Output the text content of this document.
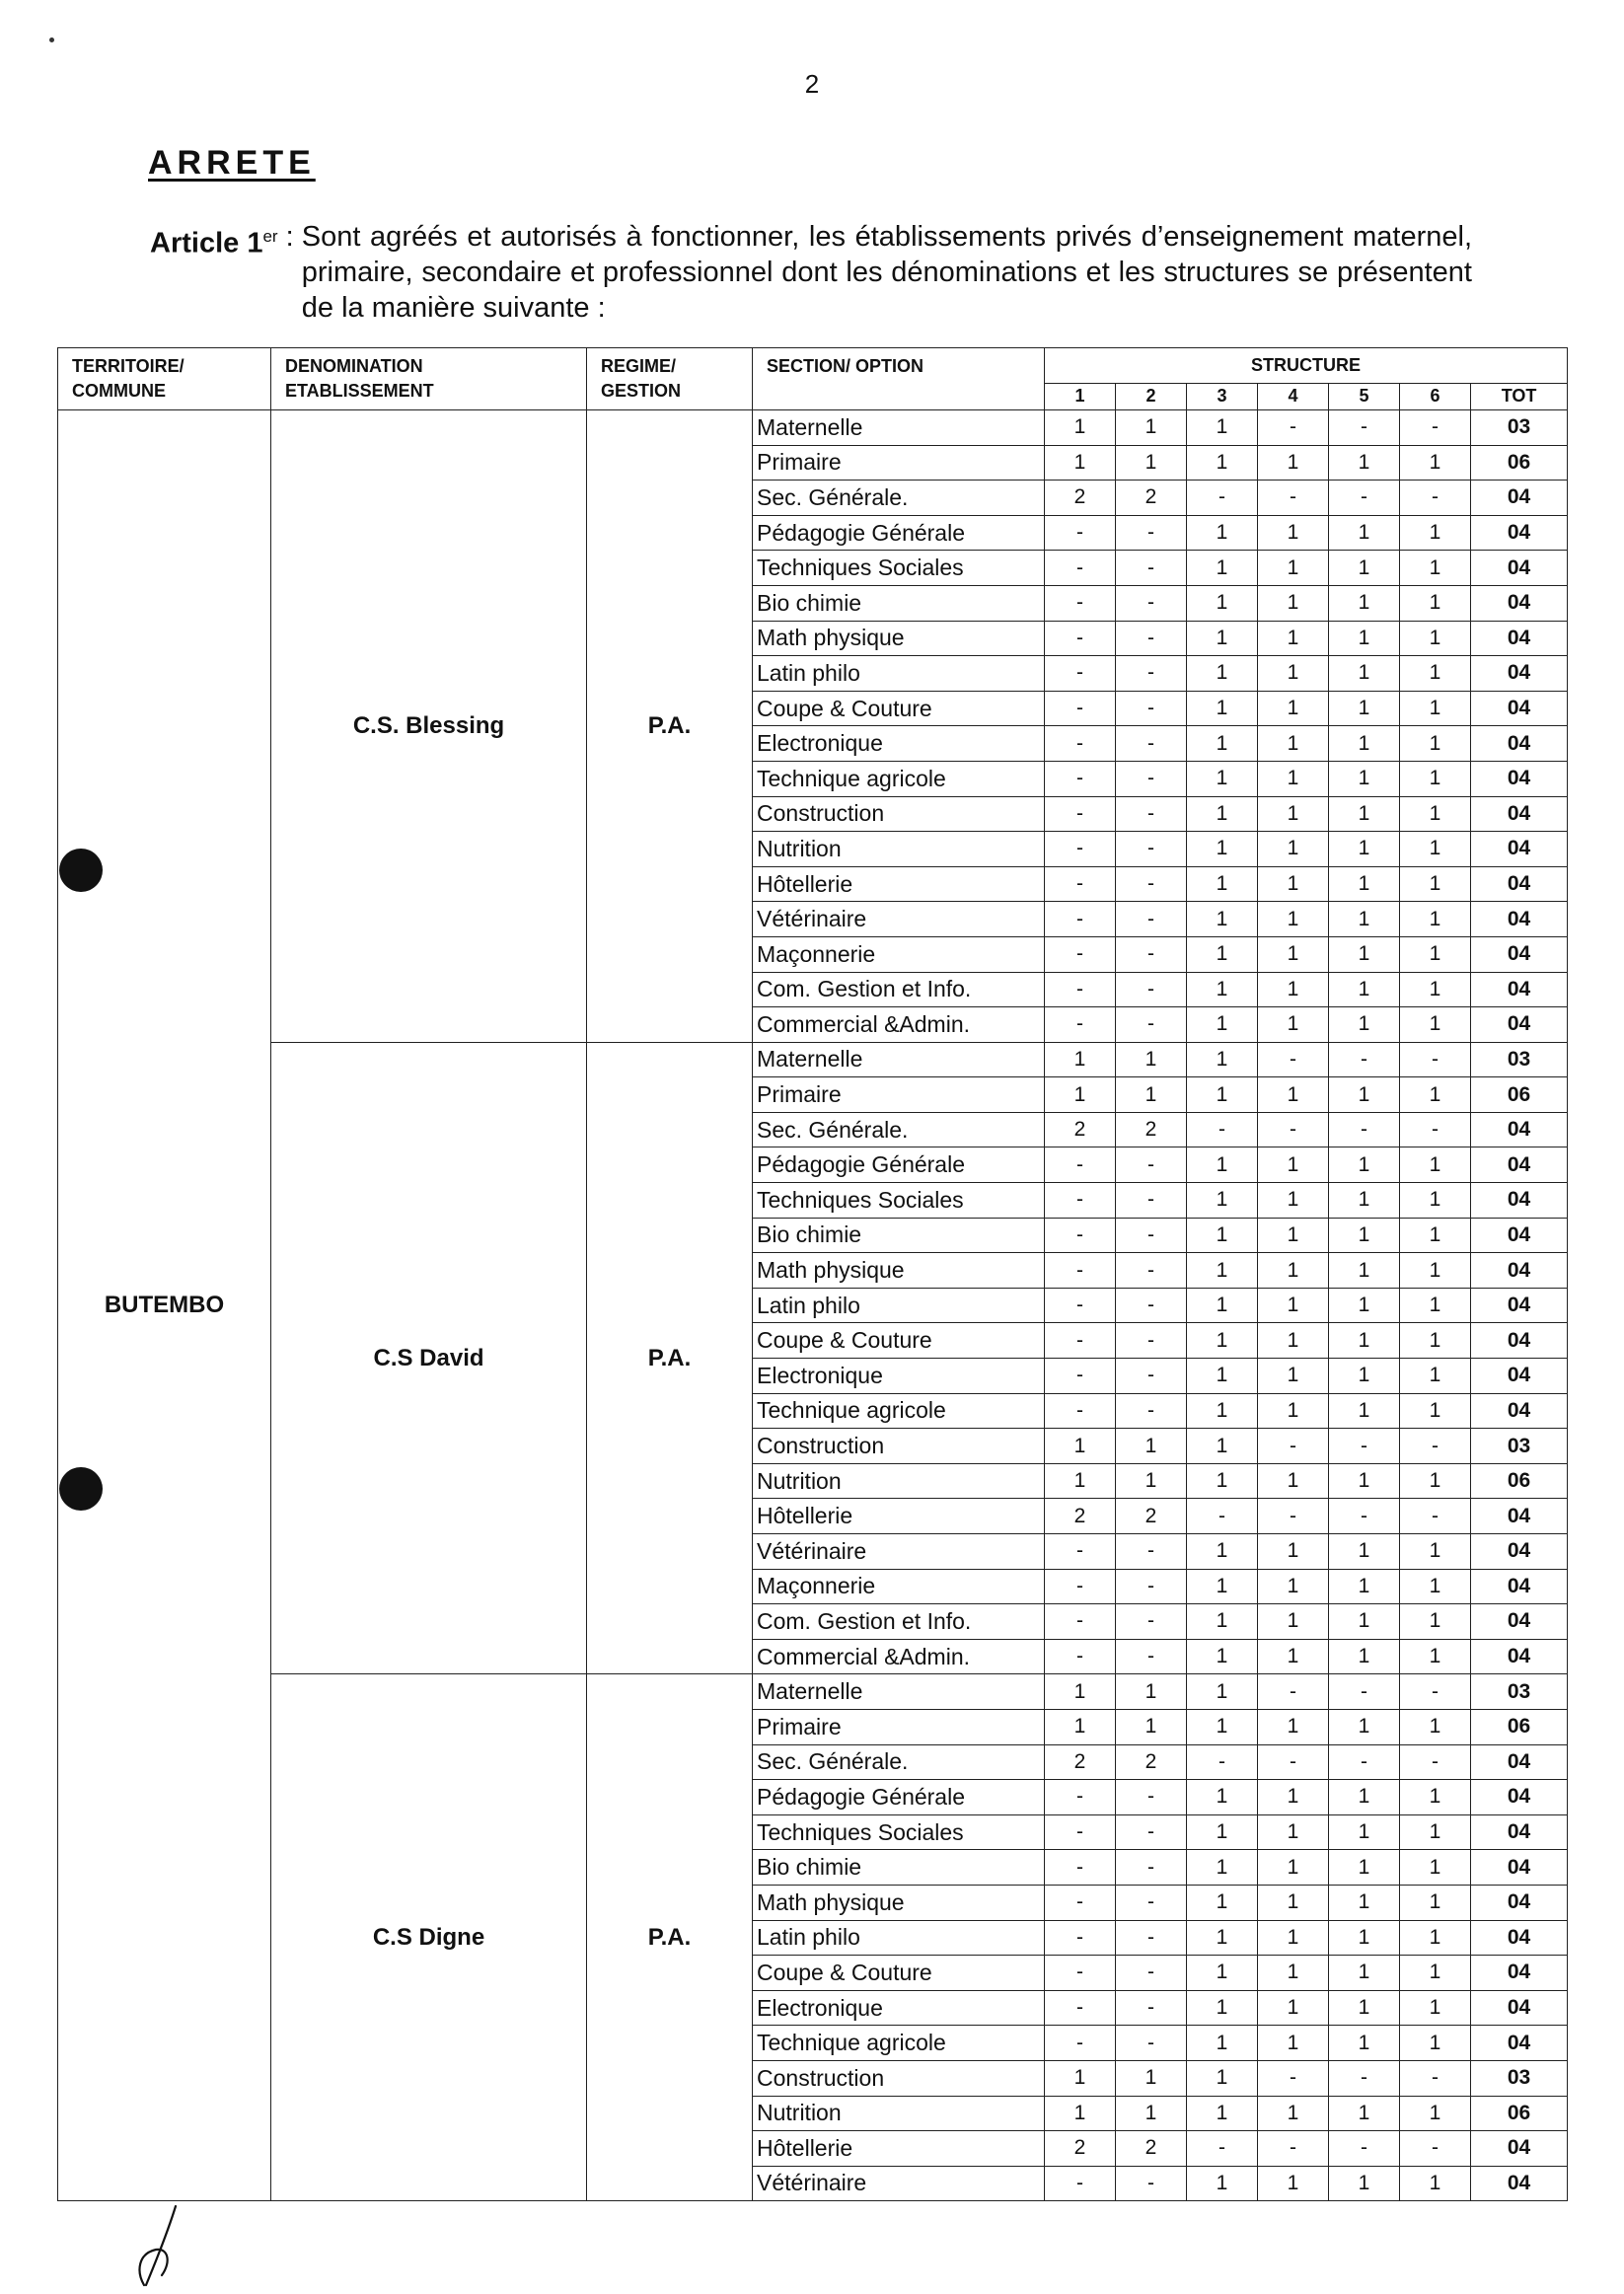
2
ARRETE
Article 1er : Sont agréés et autorisés à fonctionner, les établissements privés d’enseignement maternel, primaire, secondaire et professionnel dont les dénominations et les structures se présentent de la manière suivante :
TERRITOIRE/ COMMUNE	DENOMINATION ETABLISSEMENT	REGIME/ GESTION	SECTION/ OPTION	STRUCTURE						
				1	2	3	4	5	6	TOT
BUTEMBO	C.S. Blessing	P.A.	Maternelle	1	1	1	-	-	-	03
			Primaire	1	1	1	1	1	1	06
			Sec. Générale.	2	2	-	-	-	-	04
			Pédagogie Générale	-	-	1	1	1	1	04
			Techniques Sociales	-	-	1	1	1	1	04
			Bio chimie	-	-	1	1	1	1	04
			Math physique	-	-	1	1	1	1	04
			Latin philo	-	-	1	1	1	1	04
			Coupe & Couture	-	-	1	1	1	1	04
			Electronique	-	-	1	1	1	1	04
			Technique agricole	-	-	1	1	1	1	04
			Construction	-	-	1	1	1	1	04
			Nutrition	-	-	1	1	1	1	04
			Hôtellerie	-	-	1	1	1	1	04
			Vétérinaire	-	-	1	1	1	1	04
			Maçonnerie	-	-	1	1	1	1	04
			Com. Gestion et Info.	-	-	1	1	1	1	04
			Commercial &Admin.	-	-	1	1	1	1	04
	C.S David	P.A.	Maternelle	1	1	1	-	-	-	03
			Primaire	1	1	1	1	1	1	06
			Sec. Générale.	2	2	-	-	-	-	04
			Pédagogie Générale	-	-	1	1	1	1	04
			Techniques Sociales	-	-	1	1	1	1	04
			Bio chimie	-	-	1	1	1	1	04
			Math physique	-	-	1	1	1	1	04
			Latin philo	-	-	1	1	1	1	04
			Coupe & Couture	-	-	1	1	1	1	04
			Electronique	-	-	1	1	1	1	04
			Technique agricole	-	-	1	1	1	1	04
			Construction	1	1	1	-	-	-	03
			Nutrition	1	1	1	1	1	1	06
			Hôtellerie	2	2	-	-	-	-	04
			Vétérinaire	-	-	1	1	1	1	04
			Maçonnerie	-	-	1	1	1	1	04
			Com. Gestion et Info.	-	-	1	1	1	1	04
			Commercial &Admin.	-	-	1	1	1	1	04
	C.S Digne	P.A.	Maternelle	1	1	1	-	-	-	03
			Primaire	1	1	1	1	1	1	06
			Sec. Générale.	2	2	-	-	-	-	04
			Pédagogie Générale	-	-	1	1	1	1	04
			Techniques Sociales	-	-	1	1	1	1	04
			Bio chimie	-	-	1	1	1	1	04
			Math physique	-	-	1	1	1	1	04
			Latin philo	-	-	1	1	1	1	04
			Coupe & Couture	-	-	1	1	1	1	04
			Electronique	-	-	1	1	1	1	04
			Technique agricole	-	-	1	1	1	1	04
			Construction	1	1	1	-	-	-	03
			Nutrition	1	1	1	1	1	1	06
			Hôtellerie	2	2	-	-	-	-	04
			Vétérinaire	-	-	1	1	1	1	04
